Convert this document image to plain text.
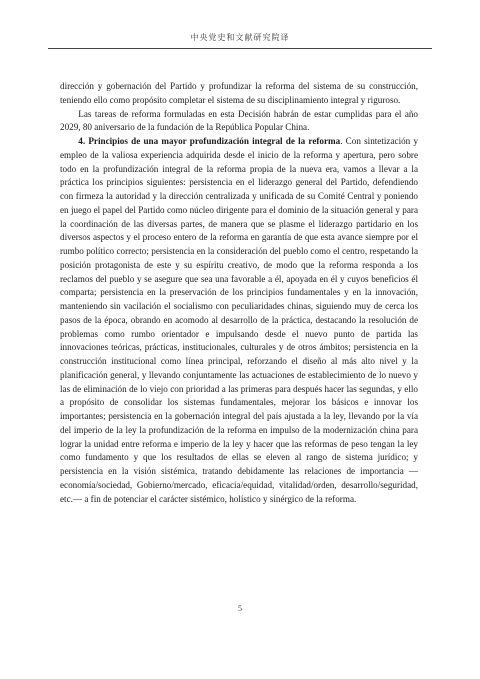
中央党史和文献研究院译

dirección y gobernación del Partido y profundizar la reforma del sistema de su construcción, teniendo ello como propósito completar el sistema de su disciplinamiento integral y riguroso.

Las tareas de reforma formuladas en esta Decisión habrán de estar cumplidas para el año 2029, 80 aniversario de la fundación de la República Popular China.

4. Principios de una mayor profundización integral de la reforma. Con sintetización y empleo de la valiosa experiencia adquirida desde el inicio de la reforma y apertura, pero sobre todo en la profundización integral de la reforma propia de la nueva era, vamos a llevar a la práctica los principios siguientes: persistencia en el liderazgo general del Partido, defendiendo con firmeza la autoridad y la dirección centralizada y unificada de su Comité Central y poniendo en juego el papel del Partido como núcleo dirigente para el dominio de la situación general y para la coordinación de las diversas partes, de manera que se plasme el liderazgo partidario en los diversos aspectos y el proceso entero de la reforma en garantía de que esta avance siempre por el rumbo político correcto; persistencia en la consideración del pueblo como el centro, respetando la posición protagonista de este y su espíritu creativo, de modo que la reforma responda a los reclamos del pueblo y se asegure que sea una favorable a él, apoyada en él y cuyos beneficios él comparta; persistencia en la preservación de los principios fundamentales y en la innovación, manteniendo sin vacilación el socialismo con peculiaridades chinas, siguiendo muy de cerca los pasos de la época, obrando en acomodo al desarrollo de la práctica, destacando la resolución de problemas como rumbo orientador e impulsando desde el nuevo punto de partida las innovaciones teóricas, prácticas, institucionales, culturales y de otros ámbitos; persistencia en la construcción institucional como línea principal, reforzando el diseño al más alto nivel y la planificación general, y llevando conjuntamente las actuaciones de establecimiento de lo nuevo y las de eliminación de lo viejo con prioridad a las primeras para después hacer las segundas, y ello a propósito de consolidar los sistemas fundamentales, mejorar los básicos e innovar los importantes; persistencia en la gobernación integral del país ajustada a la ley, llevando por la vía del imperio de la ley la profundización de la reforma en impulso de la modernización china para lograr la unidad entre reforma e imperio de la ley y hacer que las reformas de peso tengan la ley como fundamento y que los resultados de ellas se eleven al rango de sistema jurídico; y persistencia en la visión sistémica, tratando debidamente las relaciones de importancia —economía/sociedad, Gobierno/mercado, eficacia/equidad, vitalidad/orden, desarrollo/seguridad, etc.— a fin de potenciar el carácter sistémico, holístico y sinérgico de la reforma.

5
